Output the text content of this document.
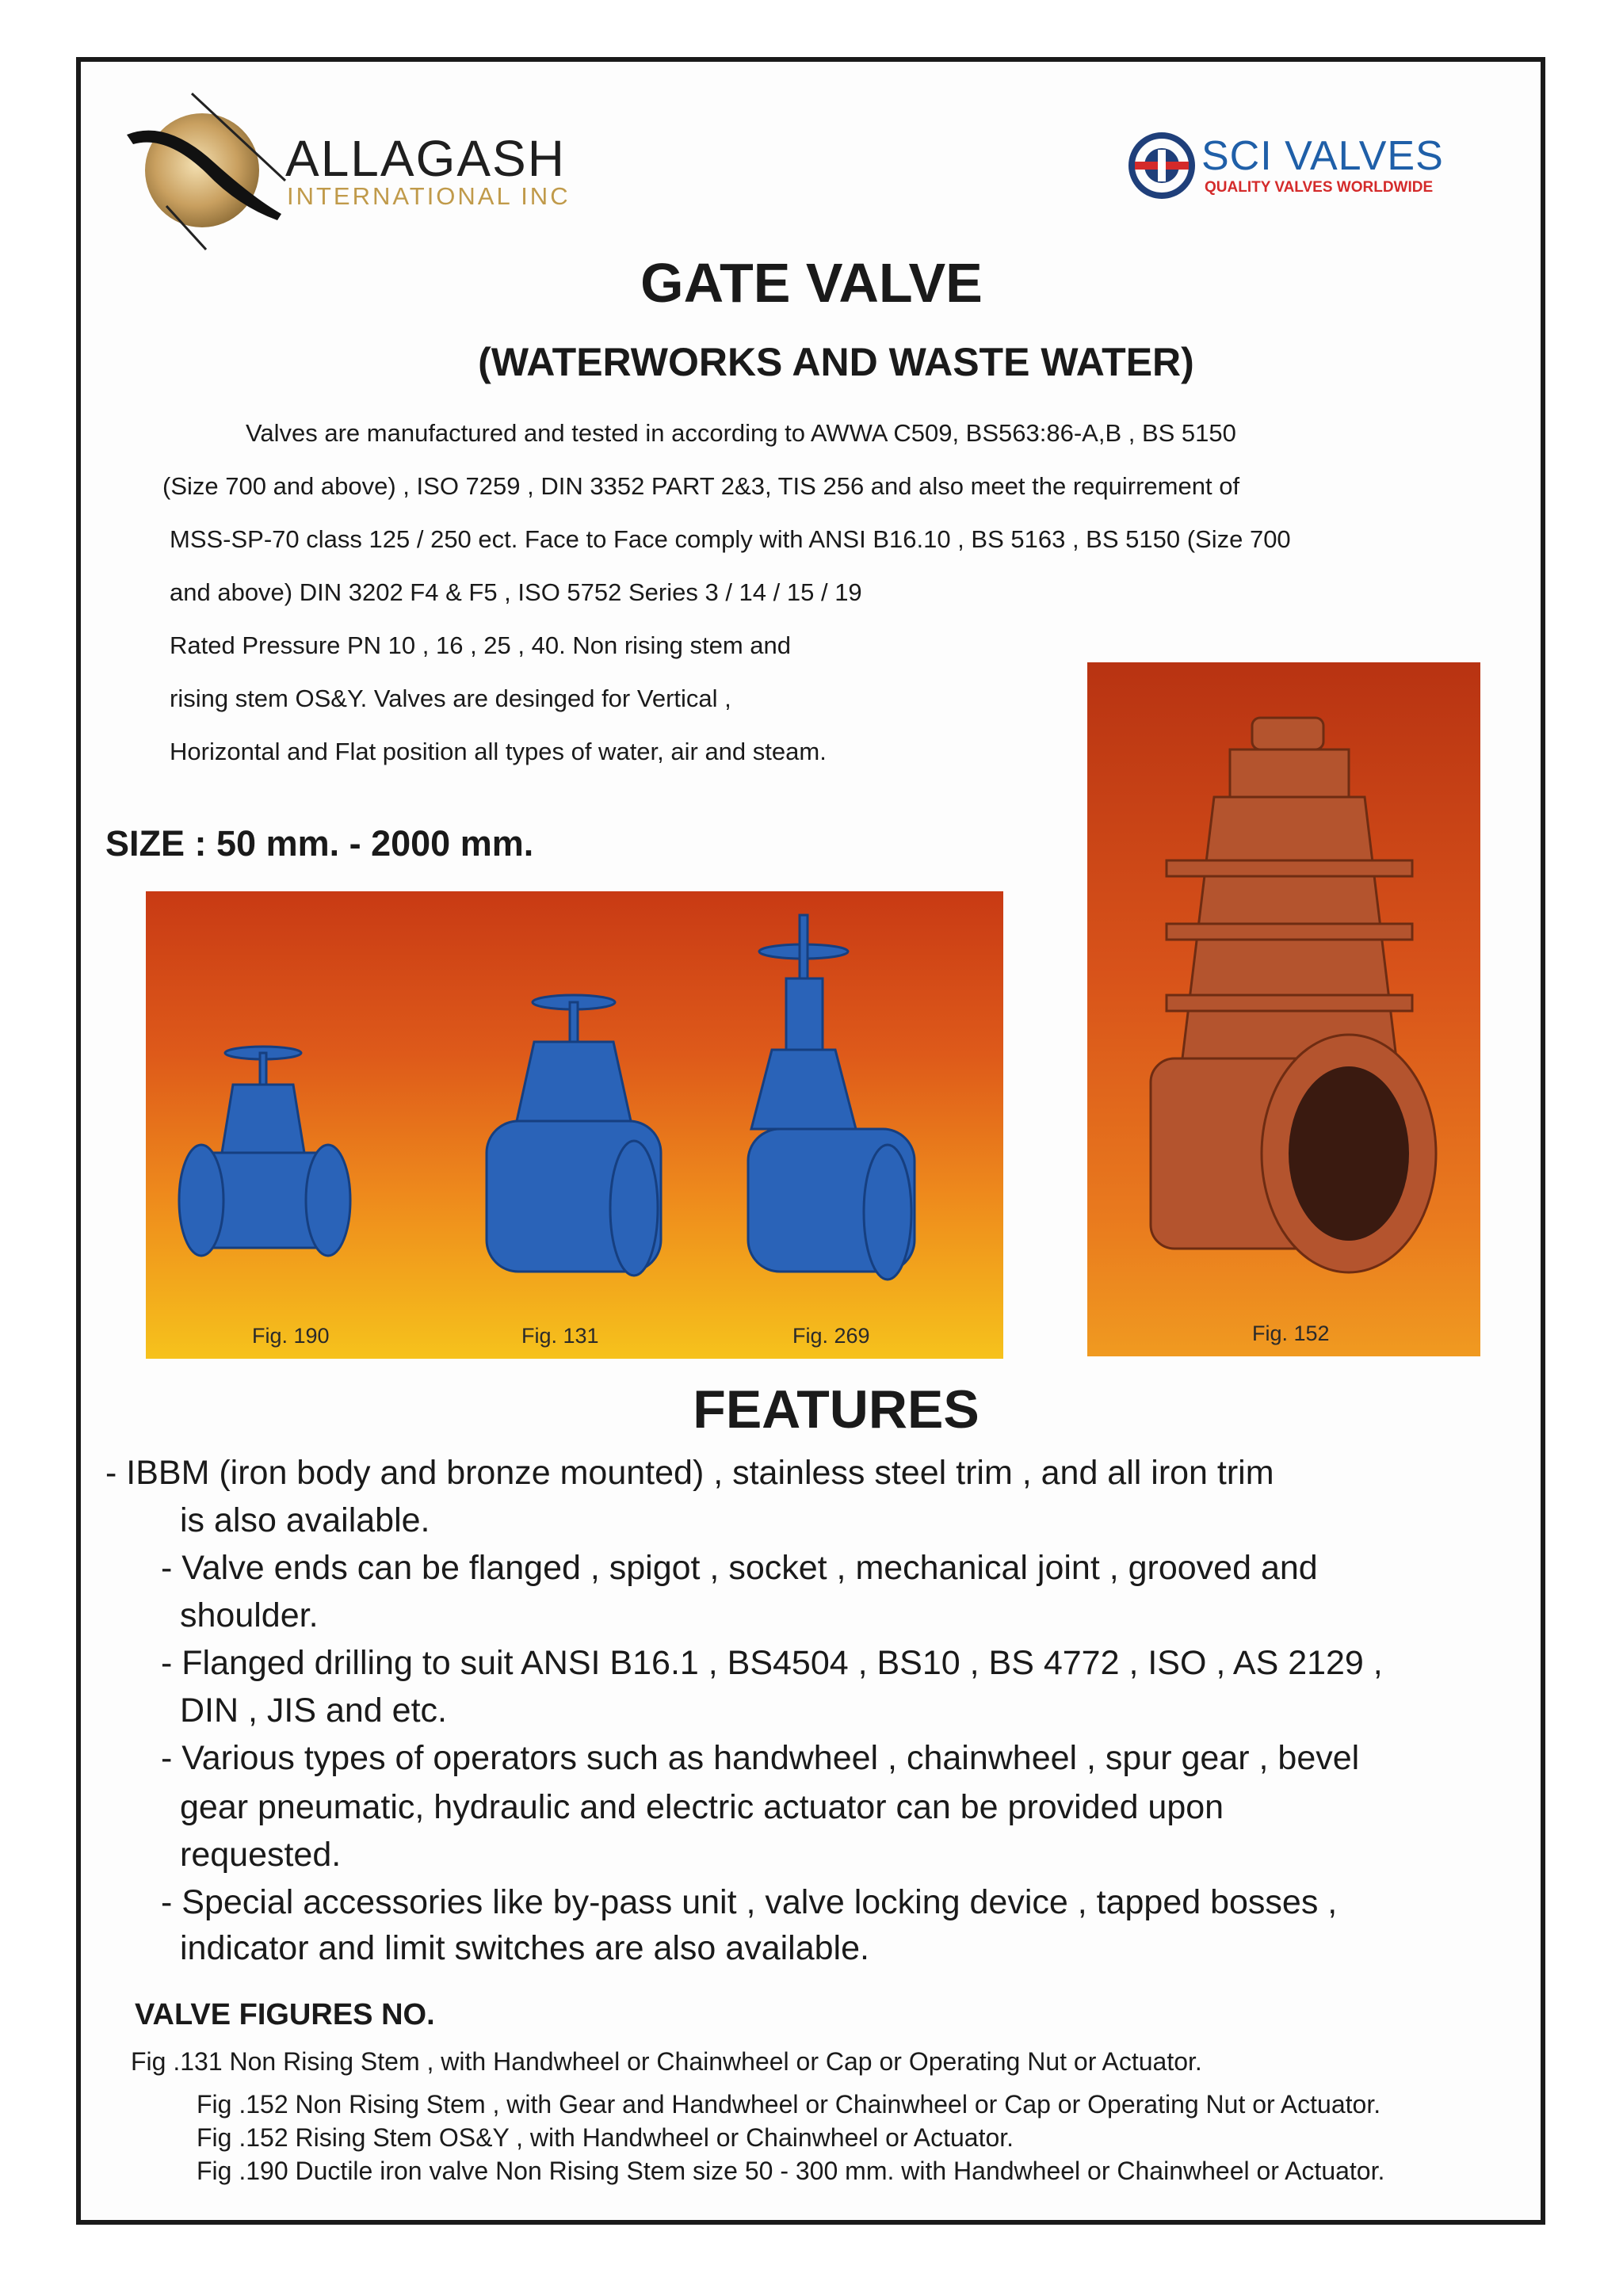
ALLAGASH
INTERNATIONAL INC
SCI VALVES
QUALITY VALVES WORLDWIDE
GATE VALVE
(WATERWORKS AND WASTE WATER)
Valves are manufactured and tested in according to AWWA C509, BS563:86-A,B , BS 5150
(Size 700 and above) , ISO 7259 , DIN 3352 PART 2&3, TIS 256 and also meet the requirrement of
MSS-SP-70 class 125 / 250 ect. Face to Face comply with ANSI B16.10 , BS 5163 , BS 5150 (Size 700
and above) DIN 3202 F4 & F5 , ISO 5752 Series 3 / 14 / 15 / 19
Rated Pressure PN 10 , 16 , 25 , 40. Non rising stem and
rising stem OS&Y. Valves are desinged for Vertical ,
Horizontal and Flat position all types of water, air and steam.
SIZE : 50 mm. - 2000 mm.
Fig. 190	Fig. 131	Fig. 269	Fig. 152
FEATURES
- IBBM (iron body and bronze mounted) , stainless steel trim , and all iron trim
is also available.
- Valve ends can be flanged , spigot , socket , mechanical joint , grooved and
shoulder.
- Flanged drilling to suit ANSI B16.1 , BS4504 , BS10 , BS 4772 , ISO , AS 2129 ,
DIN , JIS and etc.
- Various types of operators such as handwheel , chainwheel , spur gear , bevel
gear pneumatic, hydraulic and electric actuator can be provided upon
requested.
- Special accessories like by-pass unit , valve locking device , tapped bosses ,
indicator and limit switches are also available.
VALVE FIGURES NO.
Fig .131 Non Rising Stem , with Handwheel or Chainwheel or Cap or Operating Nut or Actuator.
Fig .152 Non Rising Stem , with Gear and Handwheel or Chainwheel or Cap or Operating Nut or Actuator.
Fig .152 Rising Stem OS&Y , with Handwheel or Chainwheel or Actuator.
Fig .190 Ductile iron valve Non Rising Stem size 50 - 300 mm. with Handwheel or Chainwheel or Actuator.
